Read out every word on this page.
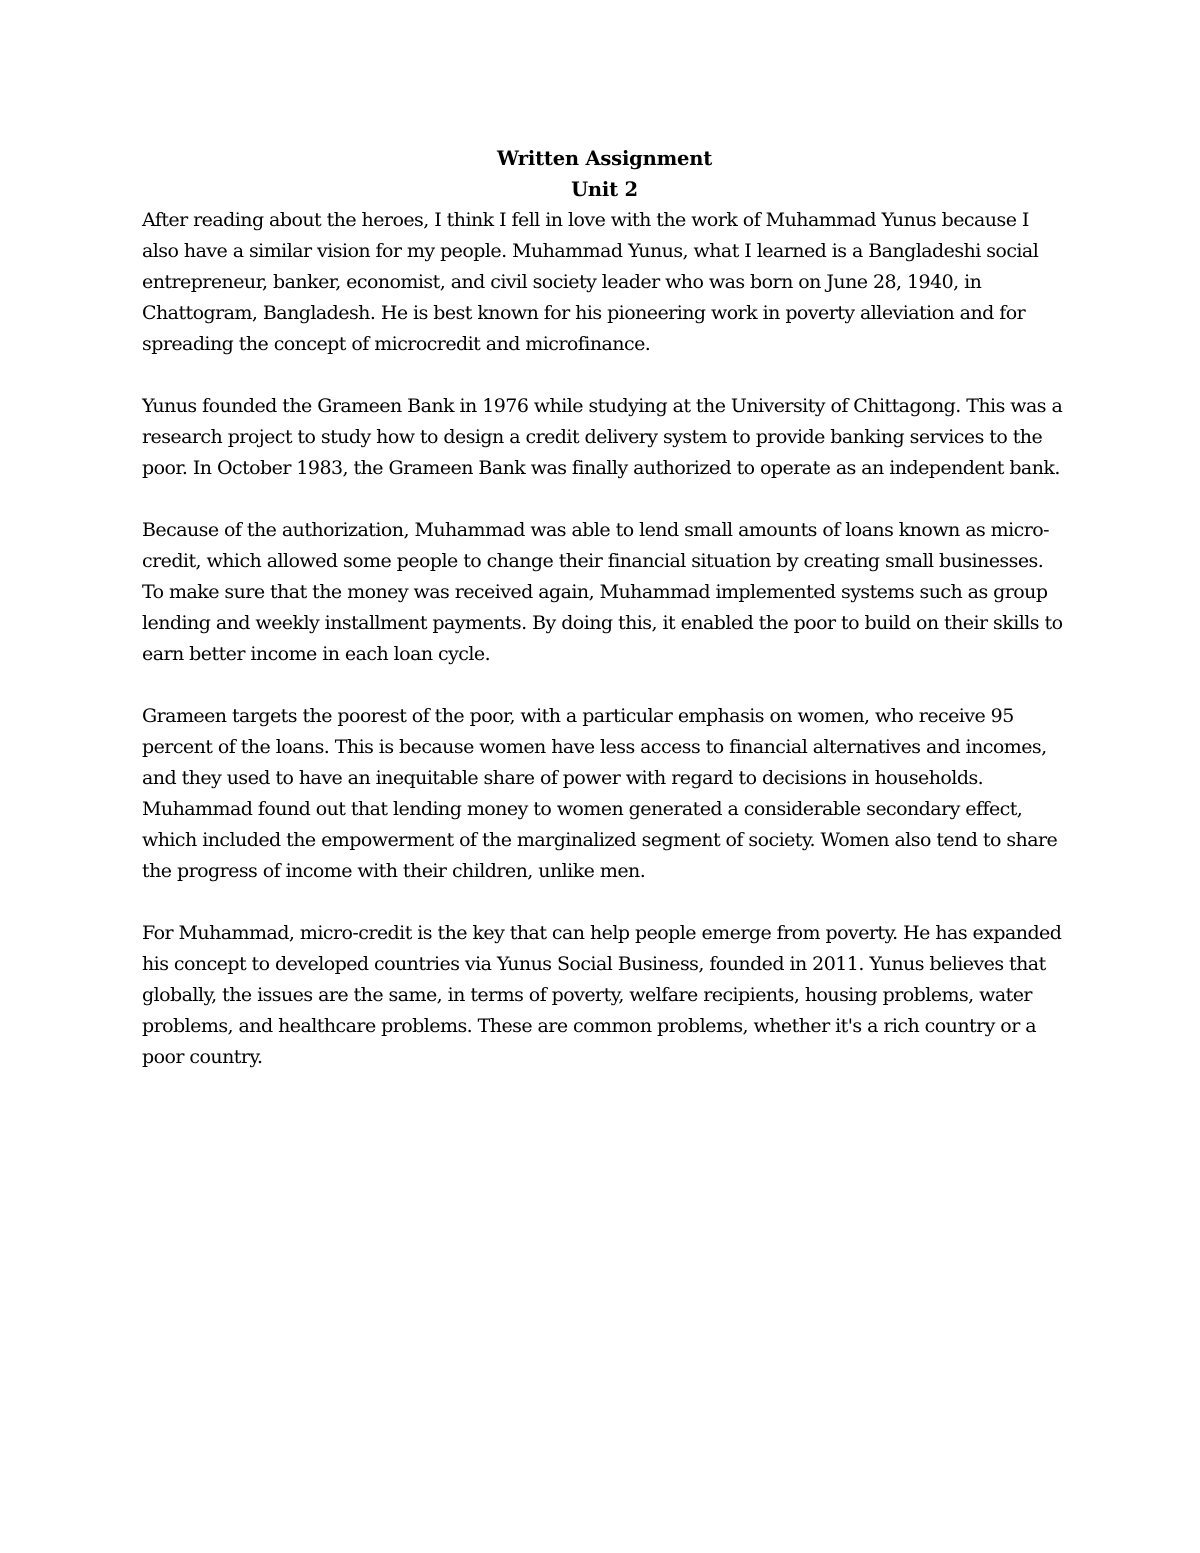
Written Assignment
Unit 2

After reading about the heroes, I think I fell in love with the work of Muhammad Yunus because I also have a similar vision for my people. Muhammad Yunus, what I learned is a Bangladeshi social entrepreneur, banker, economist, and civil society leader who was born on June 28, 1940, in Chattogram, Bangladesh. He is best known for his pioneering work in poverty alleviation and for spreading the concept of microcredit and microfinance.

Yunus founded the Grameen Bank in 1976 while studying at the University of Chittagong. This was a research project to study how to design a credit delivery system to provide banking services to the poor. In October 1983, the Grameen Bank was finally authorized to operate as an independent bank.

Because of the authorization, Muhammad was able to lend small amounts of loans known as micro-credit, which allowed some people to change their financial situation by creating small businesses. To make sure that the money was received again, Muhammad implemented systems such as group lending and weekly installment payments. By doing this, it enabled the poor to build on their skills to earn better income in each loan cycle.

Grameen targets the poorest of the poor, with a particular emphasis on women, who receive 95 percent of the loans. This is because women have less access to financial alternatives and incomes, and they used to have an inequitable share of power with regard to decisions in households. Muhammad found out that lending money to women generated a considerable secondary effect, which included the empowerment of the marginalized segment of society. Women also tend to share the progress of income with their children, unlike men.

For Muhammad, micro-credit is the key that can help people emerge from poverty. He has expanded his concept to developed countries via Yunus Social Business, founded in 2011. Yunus believes that globally, the issues are the same, in terms of poverty, welfare recipients, housing problems, water problems, and healthcare problems. These are common problems, whether it's a rich country or a poor country.
